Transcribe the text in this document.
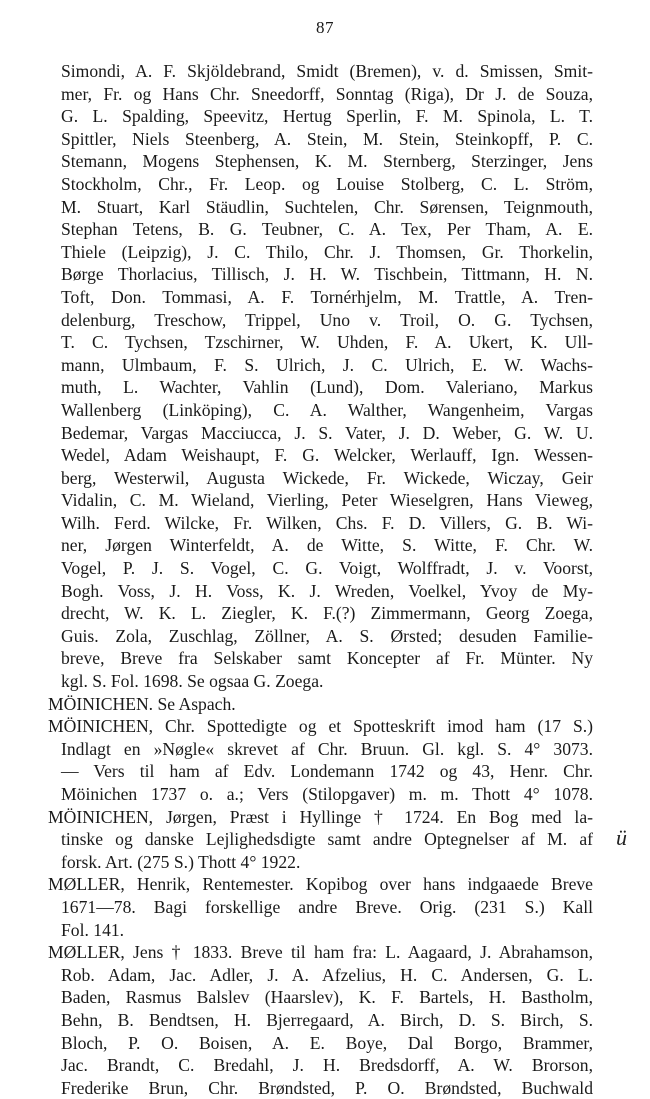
87
Simondi, A. F. Skjöldebrand, Smidt (Bremen), v. d. Smissen, Smit-
mer, Fr. og Hans Chr. Sneedorff, Sonntag (Riga), Dr J. de Souza,
G. L. Spalding, Speevitz, Hertug Sperlin, F. M. Spinola, L. T.
Spittler, Niels Steenberg, A. Stein, M. Stein, Steinkopff, P. C.
Stemann, Mogens Stephensen, K. M. Sternberg, Sterzinger, Jens
Stockholm, Chr., Fr. Leop. og Louise Stolberg, C. L. Ström,
M. Stuart, Karl Stäudlin, Suchtelen, Chr. Sørensen, Teignmouth,
Stephan Tetens, B. G. Teubner, C. A. Tex, Per Tham, A. E.
Thiele (Leipzig), J. C. Thilo, Chr. J. Thomsen, Gr. Thorkelin,
Børge Thorlacius, Tillisch, J. H. W. Tischbein, Tittmann, H. N.
Toft, Don. Tommasi, A. F. Tornérhjelm, M. Trattle, A. Tren-
delenburg, Treschow, Trippel, Uno v. Troil, O. G. Tychsen,
T. C. Tychsen, Tzschirner, W. Uhden, F. A. Ukert, K. Ull-
mann, Ulmbaum, F. S. Ulrich, J. C. Ulrich, E. W. Wachs-
muth, L. Wachter, Vahlin (Lund), Dom. Valeriano, Markus
Wallenberg (Linköping), C. A. Walther, Wangenheim, Vargas
Bedemar, Vargas Macciucca, J. S. Vater, J. D. Weber, G. W. U.
Wedel, Adam Weishaupt, F. G. Welcker, Werlauff, Ign. Wessen-
berg, Westerwil, Augusta Wickede, Fr. Wickede, Wiczay, Geir
Vidalin, C. M. Wieland, Vierling, Peter Wieselgren, Hans Vieweg,
Wilh. Ferd. Wilcke, Fr. Wilken, Chs. F. D. Villers, G. B. Wi-
ner, Jørgen Winterfeldt, A. de Witte, S. Witte, F. Chr. W.
Vogel, P. J. S. Vogel, C. G. Voigt, Wolffradt, J. v. Voorst,
Bogh. Voss, J. H. Voss, K. J. Wreden, Voelkel, Yvoy de My-
drecht, W. K. L. Ziegler, K. F.(?) Zimmermann, Georg Zoega,
Guis. Zola, Zuschlag, Zöllner, A. S. Ørsted; desuden Familie-
breve, Breve fra Selskaber samt Koncepter af Fr. Münter. Ny
kgl. S. Fol. 1698. Se ogsaa G. Zoega.
MÖINICHEN. Se Aspach.
MÖINICHEN, Chr. Spottedigte og et Spotteskrift imod ham (17 S.)
Indlagt en »Nøgle« skrevet af Chr. Bruun. Gl. kgl. S. 4° 3073.
— Vers til ham af Edv. Londemann 1742 og 43, Henr. Chr.
Möinichen 1737 o. a.; Vers (Stilopgaver) m. m. Thott 4° 1078.
MÖINICHEN, Jørgen, Præst i Hyllinge † 1724. En Bog med la-
tinske og danske Lejlighedsdigte samt andre Optegnelser af M. af
forsk. Art. (275 S.) Thott 4° 1922.
MØLLER, Henrik, Rentemester. Kopibog over hans indgaaede Breve
1671—78. Bagi forskellige andre Breve. Orig. (231 S.) Kall
Fol. 141.
MØLLER, Jens † 1833. Breve til ham fra: L. Aagaard, J. Abrahamson,
Rob. Adam, Jac. Adler, J. A. Afzelius, H. C. Andersen, G. L.
Baden, Rasmus Balslev (Haarslev), K. F. Bartels, H. Bastholm,
Behn, B. Bendtsen, H. Bjerregaard, A. Birch, D. S. Birch, S.
Bloch, P. O. Boisen, A. E. Boye, Dal Borgo, Brammer,
Jac. Brandt, C. Bredahl, J. H. Bredsdorff, A. W. Brorson,
Frederike Brun, Chr. Brøndsted, P. O. Brøndsted, Buchwald
ü
